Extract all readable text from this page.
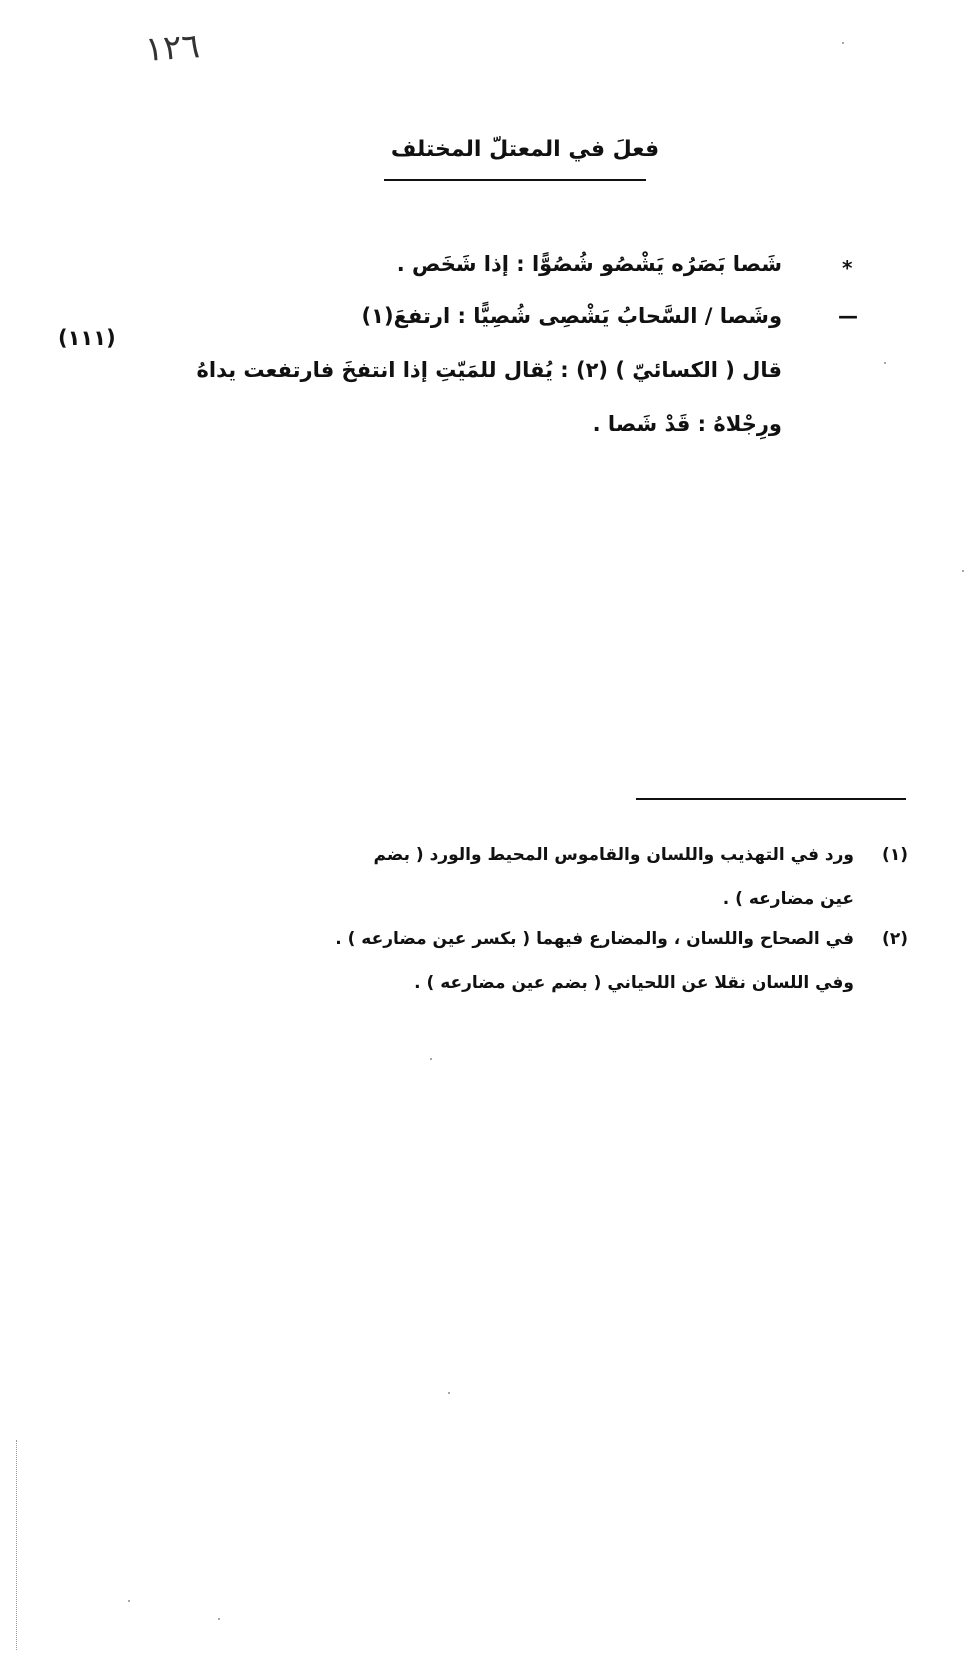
١٢٦
فعلَ في المعتلّ المختلف
*
شَصا بَصَرُه يَشْصُو شُصُوًّا : إذا شَخَص .
—
وشَصا / السَّحابُ يَشْصِى شُصِيًّا : ارتفعَ(١)
(١١١)
قال ( الكسائيّ ) (٢) : يُقال للمَيّتِ إذا انتفخَ فارتفعت يداهُ
ورِجْلاهُ : قَدْ شَصا .
(١)
ورد في التهذيب واللسان والقاموس المحيط والورد ( بضم
عين مضارعه ) .
(٢)
في الصحاح واللسان ، والمضارع فيهما ( بكسر عين مضارعه ) .
وفي اللسان نقلا عن اللحياني ( بضم عين مضارعه ) .
